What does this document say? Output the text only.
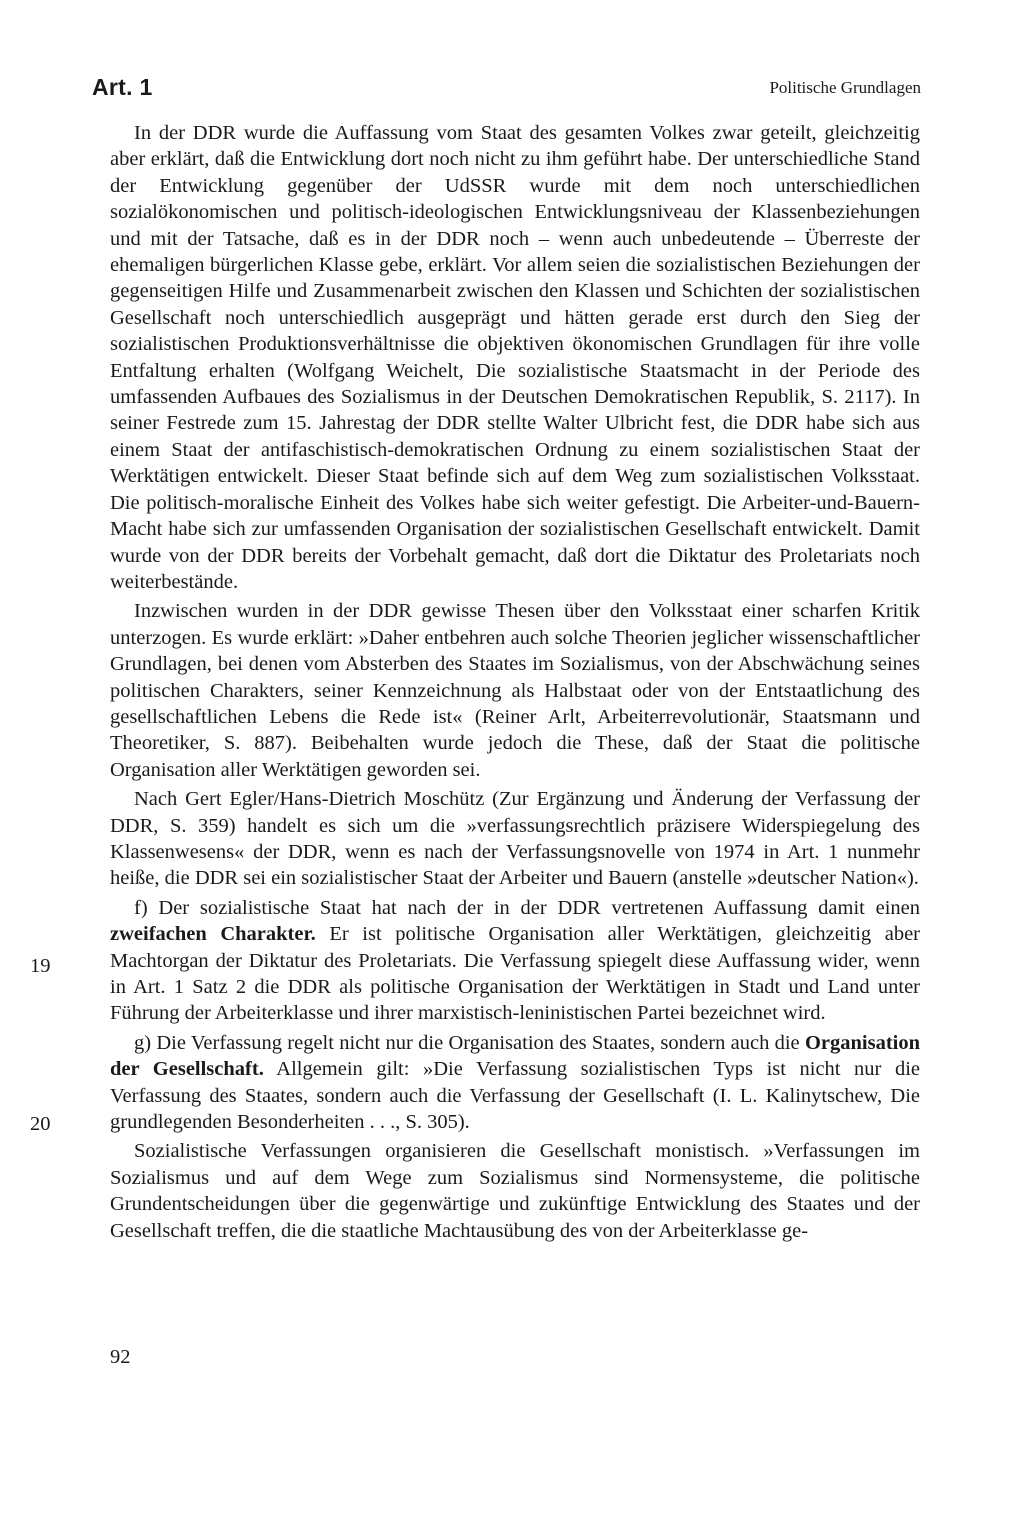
Art. 1	Politische Grundlagen
19
20

In der DDR wurde die Auffassung vom Staat des gesamten Volkes zwar geteilt, gleichzeitig aber erklärt, daß die Entwicklung dort noch nicht zu ihm geführt habe. Der unterschiedliche Stand der Entwicklung gegenüber der UdSSR wurde mit dem noch unterschiedlichen sozialökonomischen und politisch-ideologischen Entwicklungsniveau der Klassenbeziehungen und mit der Tatsache, daß es in der DDR noch – wenn auch unbedeutende – Überreste der ehemaligen bürgerlichen Klasse gebe, erklärt. Vor allem seien die sozialistischen Beziehungen der gegenseitigen Hilfe und Zusammenarbeit zwischen den Klassen und Schichten der sozialistischen Gesellschaft noch unterschiedlich ausgeprägt und hätten gerade erst durch den Sieg der sozialistischen Produktionsverhältnisse die objektiven ökonomischen Grundlagen für ihre volle Entfaltung erhalten (Wolfgang Weichelt, Die sozialistische Staatsmacht in der Periode des umfassenden Aufbaues des Sozialismus in der Deutschen Demokratischen Republik, S. 2117). In seiner Festrede zum 15. Jahrestag der DDR stellte Walter Ulbricht fest, die DDR habe sich aus einem Staat der antifaschistisch-demokratischen Ordnung zu einem sozialistischen Staat der Werktätigen entwickelt. Dieser Staat befinde sich auf dem Weg zum sozialistischen Volksstaat. Die politisch-moralische Einheit des Volkes habe sich weiter gefestigt. Die Arbeiter-und-Bauern-Macht habe sich zur umfassenden Organisation der sozialistischen Gesellschaft entwickelt. Damit wurde von der DDR bereits der Vorbehalt gemacht, daß dort die Diktatur des Proletariats noch weiterbestände.

Inzwischen wurden in der DDR gewisse Thesen über den Volksstaat einer scharfen Kritik unterzogen. Es wurde erklärt: »Daher entbehren auch solche Theorien jeglicher wissenschaftlicher Grundlagen, bei denen vom Absterben des Staates im Sozialismus, von der Abschwächung seines politischen Charakters, seiner Kennzeichnung als Halbstaat oder von der Entstaatlichung des gesellschaftlichen Lebens die Rede ist« (Reiner Arlt, Arbeiterrevolutionär, Staatsmann und Theoretiker, S. 887). Beibehalten wurde jedoch die These, daß der Staat die politische Organisation aller Werktätigen geworden sei.

Nach Gert Egler/Hans-Dietrich Moschütz (Zur Ergänzung und Änderung der Verfassung der DDR, S. 359) handelt es sich um die »verfassungsrechtlich präzisere Widerspiegelung des Klassenwesens« der DDR, wenn es nach der Verfassungsnovelle von 1974 in Art. 1 nunmehr heiße, die DDR sei ein sozialistischer Staat der Arbeiter und Bauern (anstelle »deutscher Nation«).

f) Der sozialistische Staat hat nach der in der DDR vertretenen Auffassung damit einen zweifachen Charakter. Er ist politische Organisation aller Werktätigen, gleichzeitig aber Machtorgan der Diktatur des Proletariats. Die Verfassung spiegelt diese Auffassung wider, wenn in Art. 1 Satz 2 die DDR als politische Organisation der Werktätigen in Stadt und Land unter Führung der Arbeiterklasse und ihrer marxistisch-leninistischen Partei bezeichnet wird.

g) Die Verfassung regelt nicht nur die Organisation des Staates, sondern auch die Organisation der Gesellschaft. Allgemein gilt: »Die Verfassung sozialistischen Typs ist nicht nur die Verfassung des Staates, sondern auch die Verfassung der Gesellschaft (I. L. Kalinytschew, Die grundlegenden Besonderheiten . . ., S. 305).

Sozialistische Verfassungen organisieren die Gesellschaft monistisch. »Verfassungen im Sozialismus und auf dem Wege zum Sozialismus sind Normensysteme, die politische Grundentscheidungen über die gegenwärtige und zukünftige Entwicklung des Staates und der Gesellschaft treffen, die die staatliche Machtausübung des von der Arbeiterklasse ge-

92
